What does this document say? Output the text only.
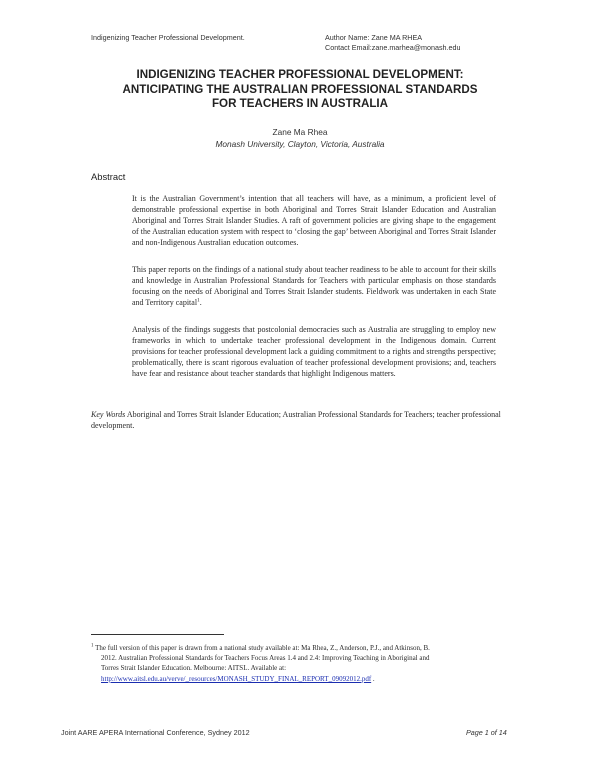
Indigenizing Teacher Professional Development.	Author Name: Zane MA RHEA
Contact Email:zane.marhea@monash.edu
INDIGENIZING TEACHER PROFESSIONAL DEVELOPMENT:
ANTICIPATING THE AUSTRALIAN PROFESSIONAL STANDARDS
FOR TEACHERS IN AUSTRALIA
Zane Ma Rhea
Monash University, Clayton, Victoria, Australia
Abstract
It is the Australian Government’s intention that all teachers will have, as a minimum, a proficient level of demonstrable professional expertise in both Aboriginal and Torres Strait Islander Education and Australian Aboriginal and Torres Strait Islander Studies. A raft of government policies are giving shape to the engagement of the Australian education system with respect to ‘closing the gap’ between Aboriginal and Torres Strait Islander and non-Indigenous Australian education outcomes.
This paper reports on the findings of a national study about teacher readiness to be able to account for their skills and knowledge in Australian Professional Standards for Teachers with particular emphasis on those standards focusing on the needs of Aboriginal and Torres Strait Islander students. Fieldwork was undertaken in each State and Territory capital$^1$.
Analysis of the findings suggests that postcolonial democracies such as Australia are struggling to employ new frameworks in which to undertake teacher professional development in the Indigenous domain. Current provisions for teacher professional development lack a guiding commitment to a rights and strengths perspective; problematically, there is scant rigorous evaluation of teacher professional development provisions; and, teachers have fear and resistance about teacher standards that highlight Indigenous matters.
Key Words Aboriginal and Torres Strait Islander Education; Australian Professional Standards for Teachers; teacher professional development.
$^1$ The full version of this paper is drawn from a national study available at: Ma Rhea, Z., Anderson, P.J., and Atkinson, B.
2012. Australian Professional Standards for Teachers Focus Areas 1.4 and 2.4: Improving Teaching in Aboriginal and
Torres Strait Islander Education. Melbourne: AITSL. Available at:
http://www.aitsl.edu.au/verve/_resources/MONASH_STUDY_FINAL_REPORT_09092012.pdf .
Joint AARE APERA International Conference, Sydney 2012	Page 1 of 14
